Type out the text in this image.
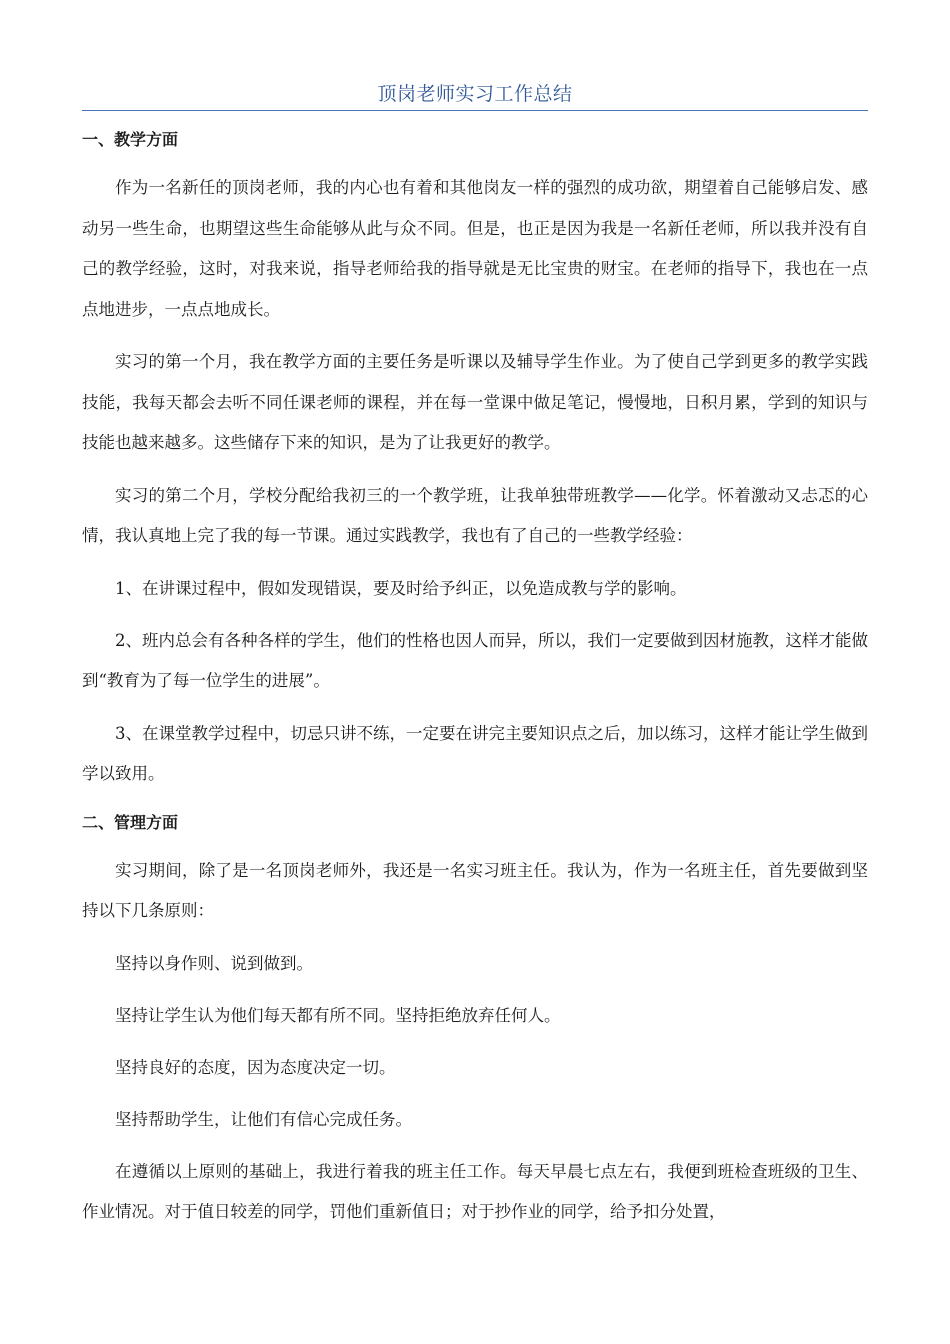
顶岗老师实习工作总结
一、教学方面

作为一名新任的顶岗老师，我的内心也有着和其他岗友一样的强烈的成功欲，期望着自己能够启发、感动另一些生命，也期望这些生命能够从此与众不同。但是，也正是因为我是一名新任老师，所以我并没有自己的教学经验，这时，对我来说，指导老师给我的指导就是无比宝贵的财宝。在老师的指导下，我也在一点点地进步，一点点地成长。

实习的第一个月，我在教学方面的主要任务是听课以及辅导学生作业。为了使自己学到更多的教学实践技能，我每天都会去听不同任课老师的课程，并在每一堂课中做足笔记，慢慢地，日积月累，学到的知识与技能也越来越多。这些储存下来的知识，是为了让我更好的教学。

实习的第二个月，学校分配给我初三的一个教学班，让我单独带班教学——化学。怀着激动又忐忑的心情，我认真地上完了我的每一节课。通过实践教学，我也有了自己的一些教学经验：

1、在讲课过程中，假如发现错误，要及时给予纠正，以免造成教与学的影响。

2、班内总会有各种各样的学生，他们的性格也因人而异，所以，我们一定要做到因材施教，这样才能做到“教育为了每一位学生的进展”。

3、在课堂教学过程中，切忌只讲不练，一定要在讲完主要知识点之后，加以练习，这样才能让学生做到学以致用。

二、管理方面

实习期间，除了是一名顶岗老师外，我还是一名实习班主任。我认为，作为一名班主任，首先要做到坚持以下几条原则：

坚持以身作则、说到做到。

坚持让学生认为他们每天都有所不同。坚持拒绝放弃任何人。

坚持良好的态度，因为态度决定一切。

坚持帮助学生，让他们有信心完成任务。

在遵循以上原则的基础上，我进行着我的班主任工作。每天早晨七点左右，我便到班检查班级的卫生、作业情况。对于值日较差的同学，罚他们重新值日；对于抄作业的同学，给予扣分处置，
